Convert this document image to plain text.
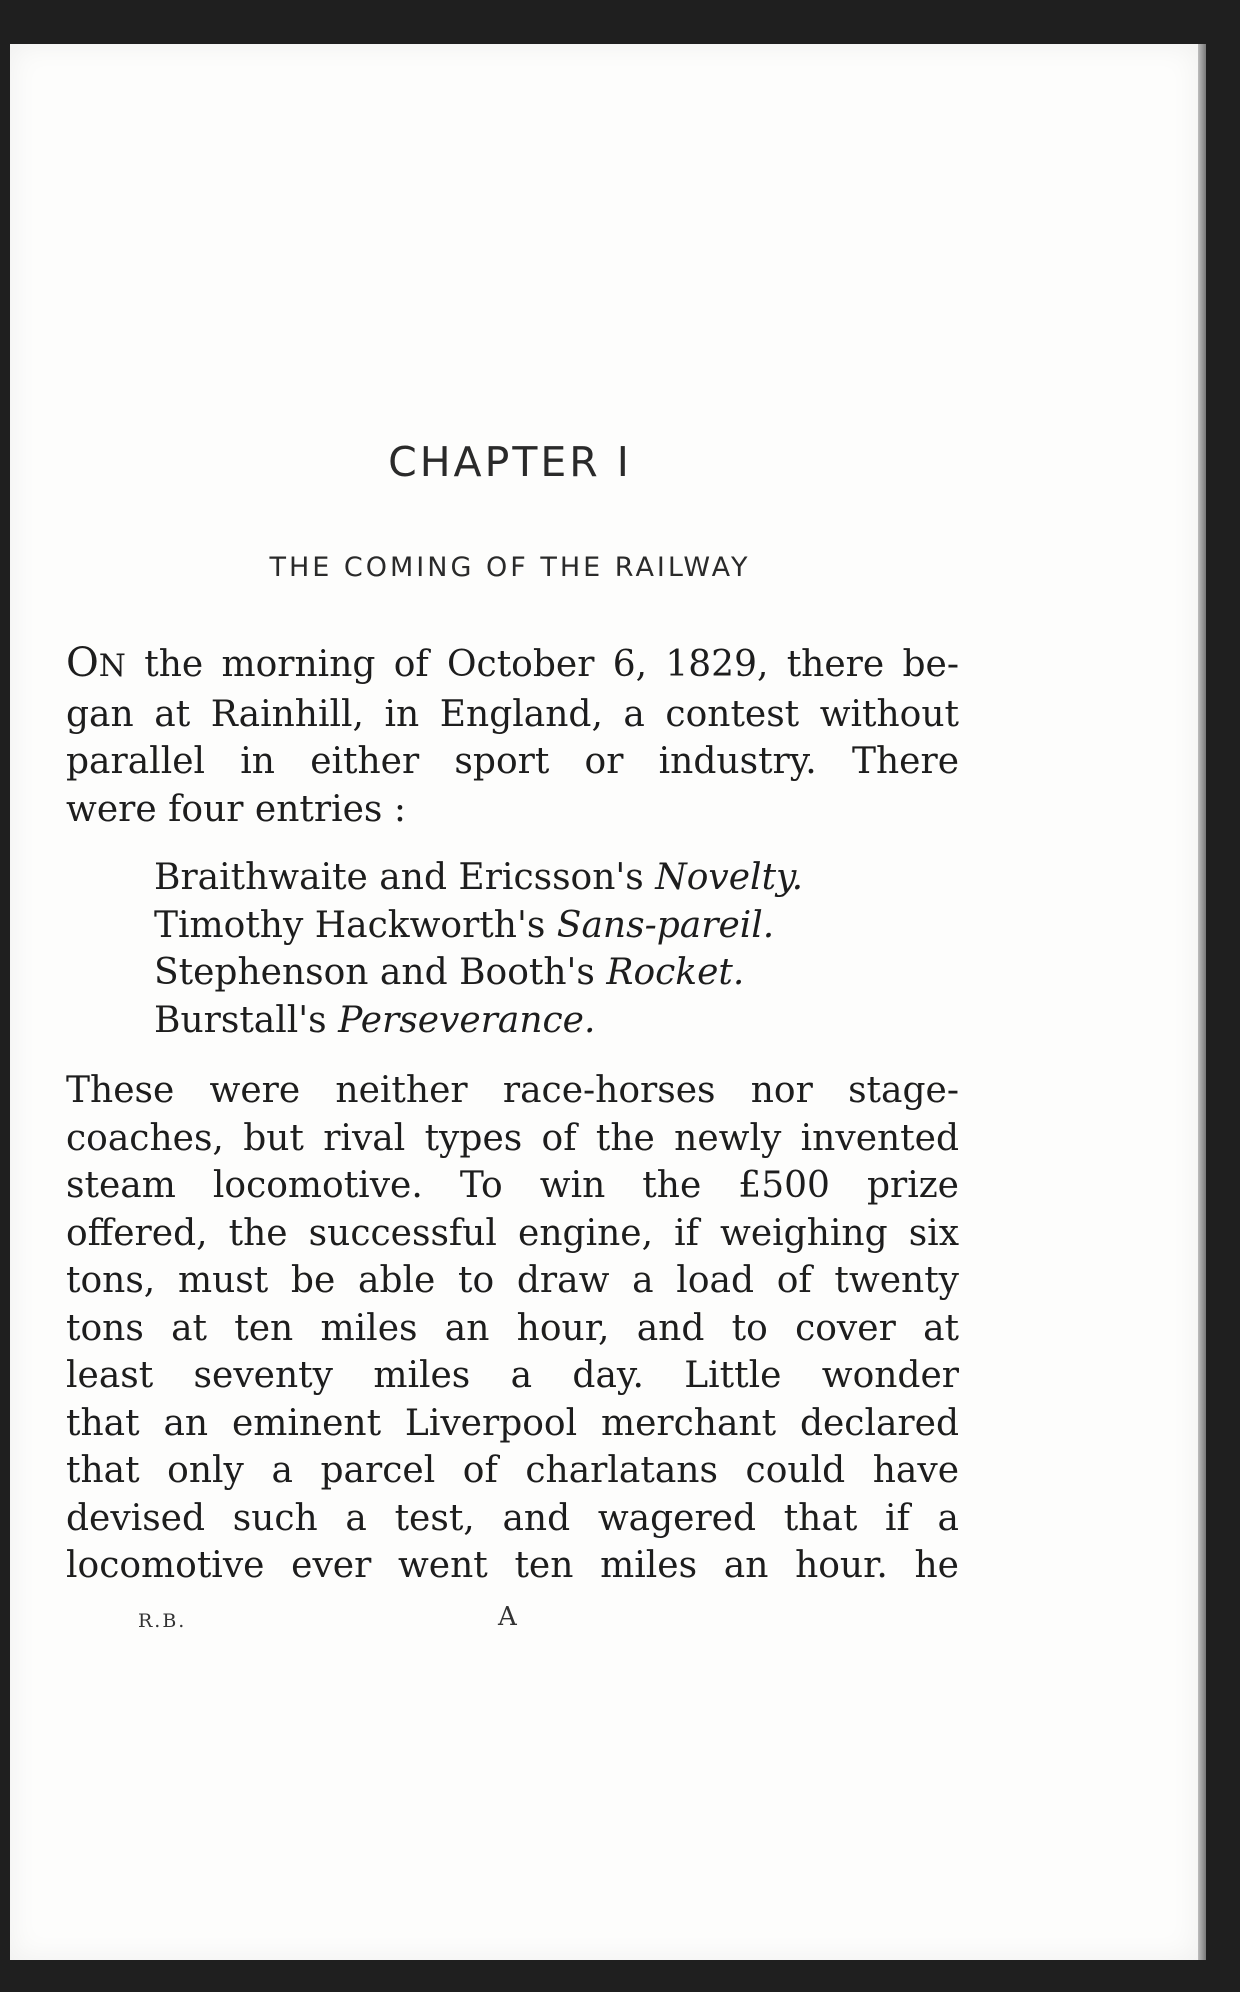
CHAPTER I
THE COMING OF THE RAILWAY
ON the morning of October 6, 1829, there be-
gan at Rainhill, in England, a contest without
parallel in either sport or industry. There
were four entries :
Braithwaite and Ericsson's Novelty.
Timothy Hackworth's Sans-pareil.
Stephenson and Booth's Rocket.
Burstall's Perseverance.
These were neither race-horses nor stage-
coaches, but rival types of the newly invented
steam locomotive. To win the £500 prize
offered, the successful engine, if weighing six
tons, must be able to draw a load of twenty
tons at ten miles an hour, and to cover at
least seventy miles a day. Little wonder
that an eminent Liverpool merchant declared
that only a parcel of charlatans could have
devised such a test, and wagered that if a
locomotive ever went ten miles an hour. he
R.B.	A
